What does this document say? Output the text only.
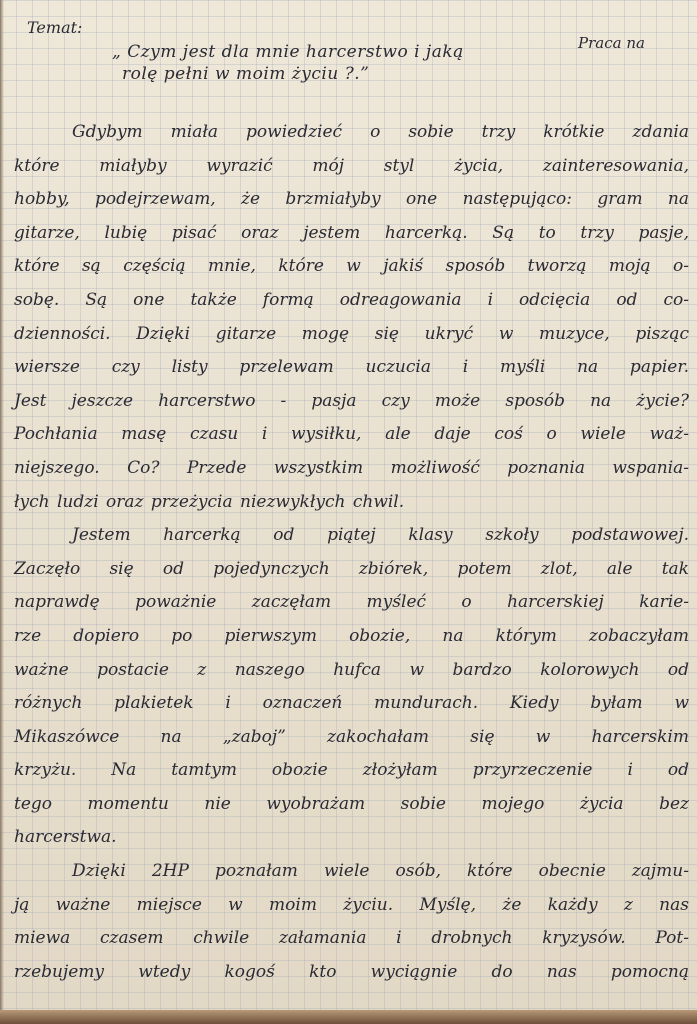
Temat:
„ Czym jest dla mnie harcerstwo i jaką
rolę pełni w moim życiu ?.”
Praca na
Gdybym miała powiedzieć o sobie trzy krótkie zdania
które miałyby wyrazić mój styl życia, zainteresowania,
hobby, podejrzewam, że brzmiałyby one następująco: gram na
gitarze, lubię pisać oraz jestem harcerką. Są to trzy pasje,
które są częścią mnie, które w jakiś sposób tworzą moją o-
sobę. Są one także formą odreagowania i odcięcia od co-
dzienności. Dzięki gitarze mogę się ukryć w muzyce, pisząc
wiersze czy listy przelewam uczucia i myśli na papier.
Jest jeszcze harcerstwo - pasja czy może sposób na życie?
Pochłania masę czasu i wysiłku, ale daje coś o wiele waż-
niejszego. Co? Przede wszystkim możliwość poznania wspania-
łych ludzi oraz przeżycia niezwykłych chwil.
Jestem harcerką od piątej klasy szkoły podstawowej.
Zaczęło się od pojedynczych zbiórek, potem zlot, ale tak
naprawdę poważnie zaczęłam myśleć o harcerskiej karie-
rze dopiero po pierwszym obozie, na którym zobaczyłam
ważne postacie z naszego hufca w bardzo kolorowych od
różnych plakietek i oznaczeń mundurach. Kiedy byłam w
Mikaszówce na „zaboj” zakochałam się w harcerskim
krzyżu. Na tamtym obozie złożyłam przyrzeczenie i od
tego momentu nie wyobrażam sobie mojego życia bez
harcerstwa.
Dzięki 2HP poznałam wiele osób, które obecnie zajmu-
ją ważne miejsce w moim życiu. Myślę, że każdy z nas
miewa czasem chwile załamania i drobnych kryzysów. Pot-
rzebujemy wtedy kogoś kto wyciągnie do nas pomocną
